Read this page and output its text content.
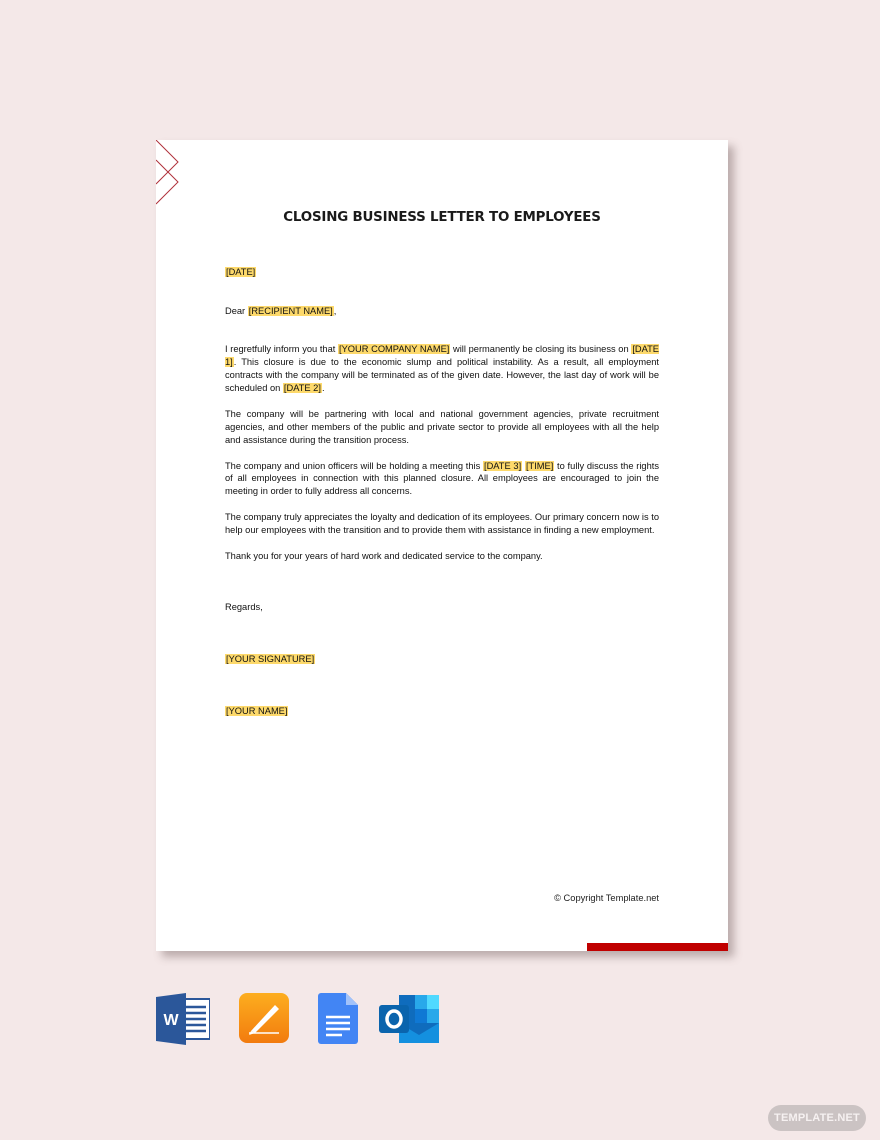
CLOSING BUSINESS LETTER TO EMPLOYEES

[DATE]

Dear [RECIPIENT NAME],

I regretfully inform you that [YOUR COMPANY NAME] will permanently be closing its business on [DATE 1]. This closure is due to the economic slump and political instability. As a result, all employment contracts with the company will be terminated as of the given date. However, the last day of work will be scheduled on [DATE 2].

The company will be partnering with local and national government agencies, private recruitment agencies, and other members of the public and private sector to provide all employees with all the help and assistance during the transition process.

The company and union officers will be holding a meeting this [DATE 3] [TIME] to fully discuss the rights of all employees in connection with this planned closure. All employees are encouraged to join the meeting in order to fully address all concerns.

The company truly appreciates the loyalty and dedication of its employees. Our primary concern now is to help our employees with the transition and to provide them with assistance in finding a new employment.

Thank you for your years of hard work and dedicated service to the company.

Regards,

[YOUR SIGNATURE]

[YOUR NAME]

© Copyright Template.net
W
TEMPLATE.NET
